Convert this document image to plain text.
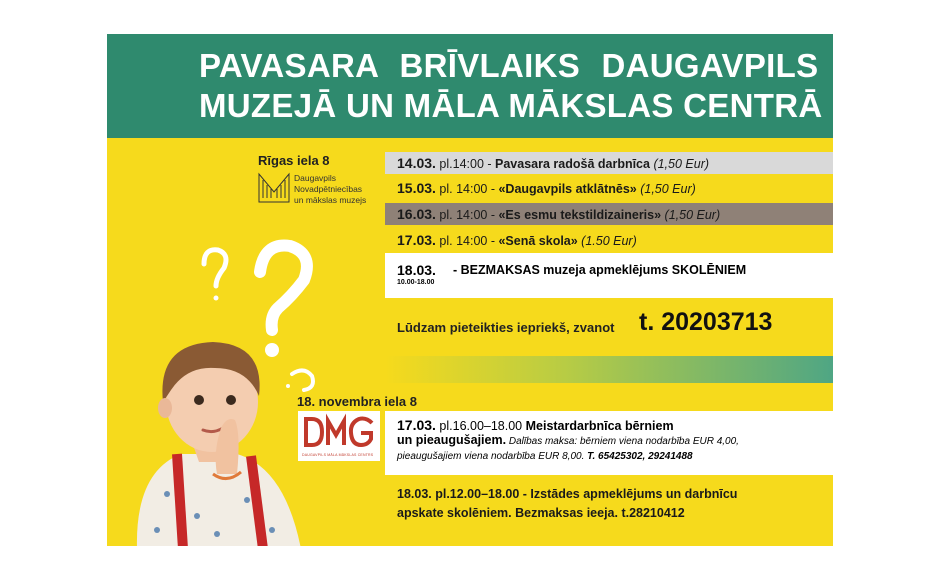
PAVASARA BRĪVLAIKS DAUGAVPILS
MUZEJĀ UN MĀLA MĀKSLAS CENTRĀ
Rīgas iela 8
Daugavpils
Novadpētniecības
un mākslas muzejs
14.03. pl.14:00 - Pavasara radošā darbnīca (1,50 Eur)
15.03. pl. 14:00 - «Daugavpils atklātnēs» (1,50 Eur)
16.03. pl. 14:00 - «Es esmu tekstildizaineris» (1,50 Eur)
17.03. pl. 14:00 - «Senā skola» (1.50 Eur)
18.03.
10.00-18.00
- BEZMAKSAS muzeja apmeklējums SKOLĒNIEM
Lūdzam pieteikties iepriekš, zvanot t. 20203713
18. novembra iela 8
DAUGAVPILS MĀLA MĀKSLAS CENTRS
17.03. pl.16.00–18.00 Meistardarbnīca bērniem
un pieaugušajiem. Dalības maksa: bērniem viena nodarbība EUR 4,00,
pieaugušajiem viena nodarbība EUR 8,00. T. 65425302, 29241488
18.03. pl.12.00–18.00 - Izstādes apmeklējums un darbnīcu
apskate skolēniem. Bezmaksas ieeja. t.28210412
